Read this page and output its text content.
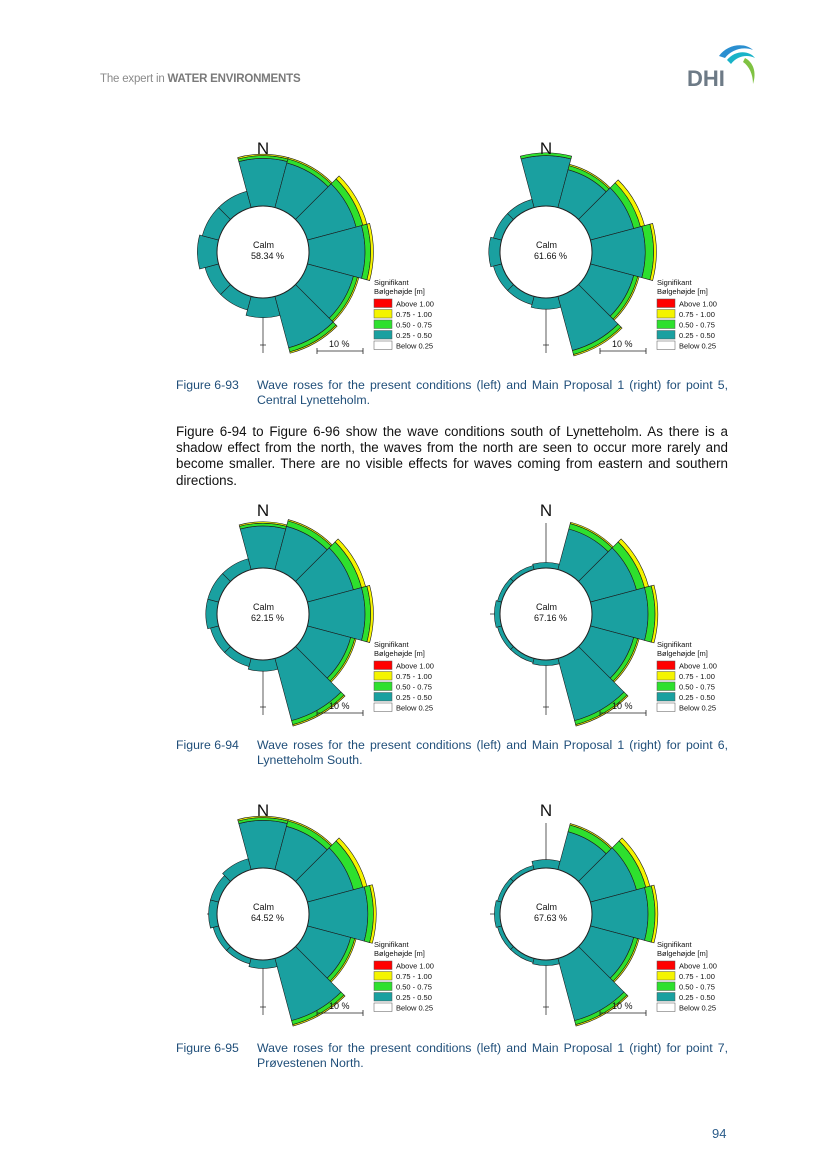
The expert in WATER ENVIRONMENTS	DHI
N
Calm
58.34 %
10 %
Signifikant
Bølgehøjde [m]
Above 1.00
0.75 - 1.00
0.50 - 0.75
0.25 - 0.50
Below 0.25
N
Calm
61.66 %
10 %
Signifikant
Bølgehøjde [m]
Above 1.00
0.75 - 1.00
0.50 - 0.75
0.25 - 0.50
Below 0.25
Figure 6-93	Wave roses for the present conditions (left) and Main Proposal 1 (right) for point 5, Central Lynetteholm.
Figure 6-94 to Figure 6-96 show the wave conditions south of Lynetteholm. As there is a shadow effect from the north, the waves from the north are seen to occur more rarely and become smaller. There are no visible effects for waves coming from eastern and southern directions.
N
Calm
62.15 %
10 %
Signifikant
Bølgehøjde [m]
Above 1.00
0.75 - 1.00
0.50 - 0.75
0.25 - 0.50
Below 0.25
N
Calm
67.16 %
10 %
Signifikant
Bølgehøjde [m]
Above 1.00
0.75 - 1.00
0.50 - 0.75
0.25 - 0.50
Below 0.25
Figure 6-94	Wave roses for the present conditions (left) and Main Proposal 1 (right) for point 6, Lynetteholm South.
N
Calm
64.52 %
10 %
Signifikant
Bølgehøjde [m]
Above 1.00
0.75 - 1.00
0.50 - 0.75
0.25 - 0.50
Below 0.25
N
Calm
67.63 %
10 %
Signifikant
Bølgehøjde [m]
Above 1.00
0.75 - 1.00
0.50 - 0.75
0.25 - 0.50
Below 0.25
Figure 6-95	Wave roses for the present conditions (left) and Main Proposal 1 (right) for point 7, Prøvestenen North.
94
